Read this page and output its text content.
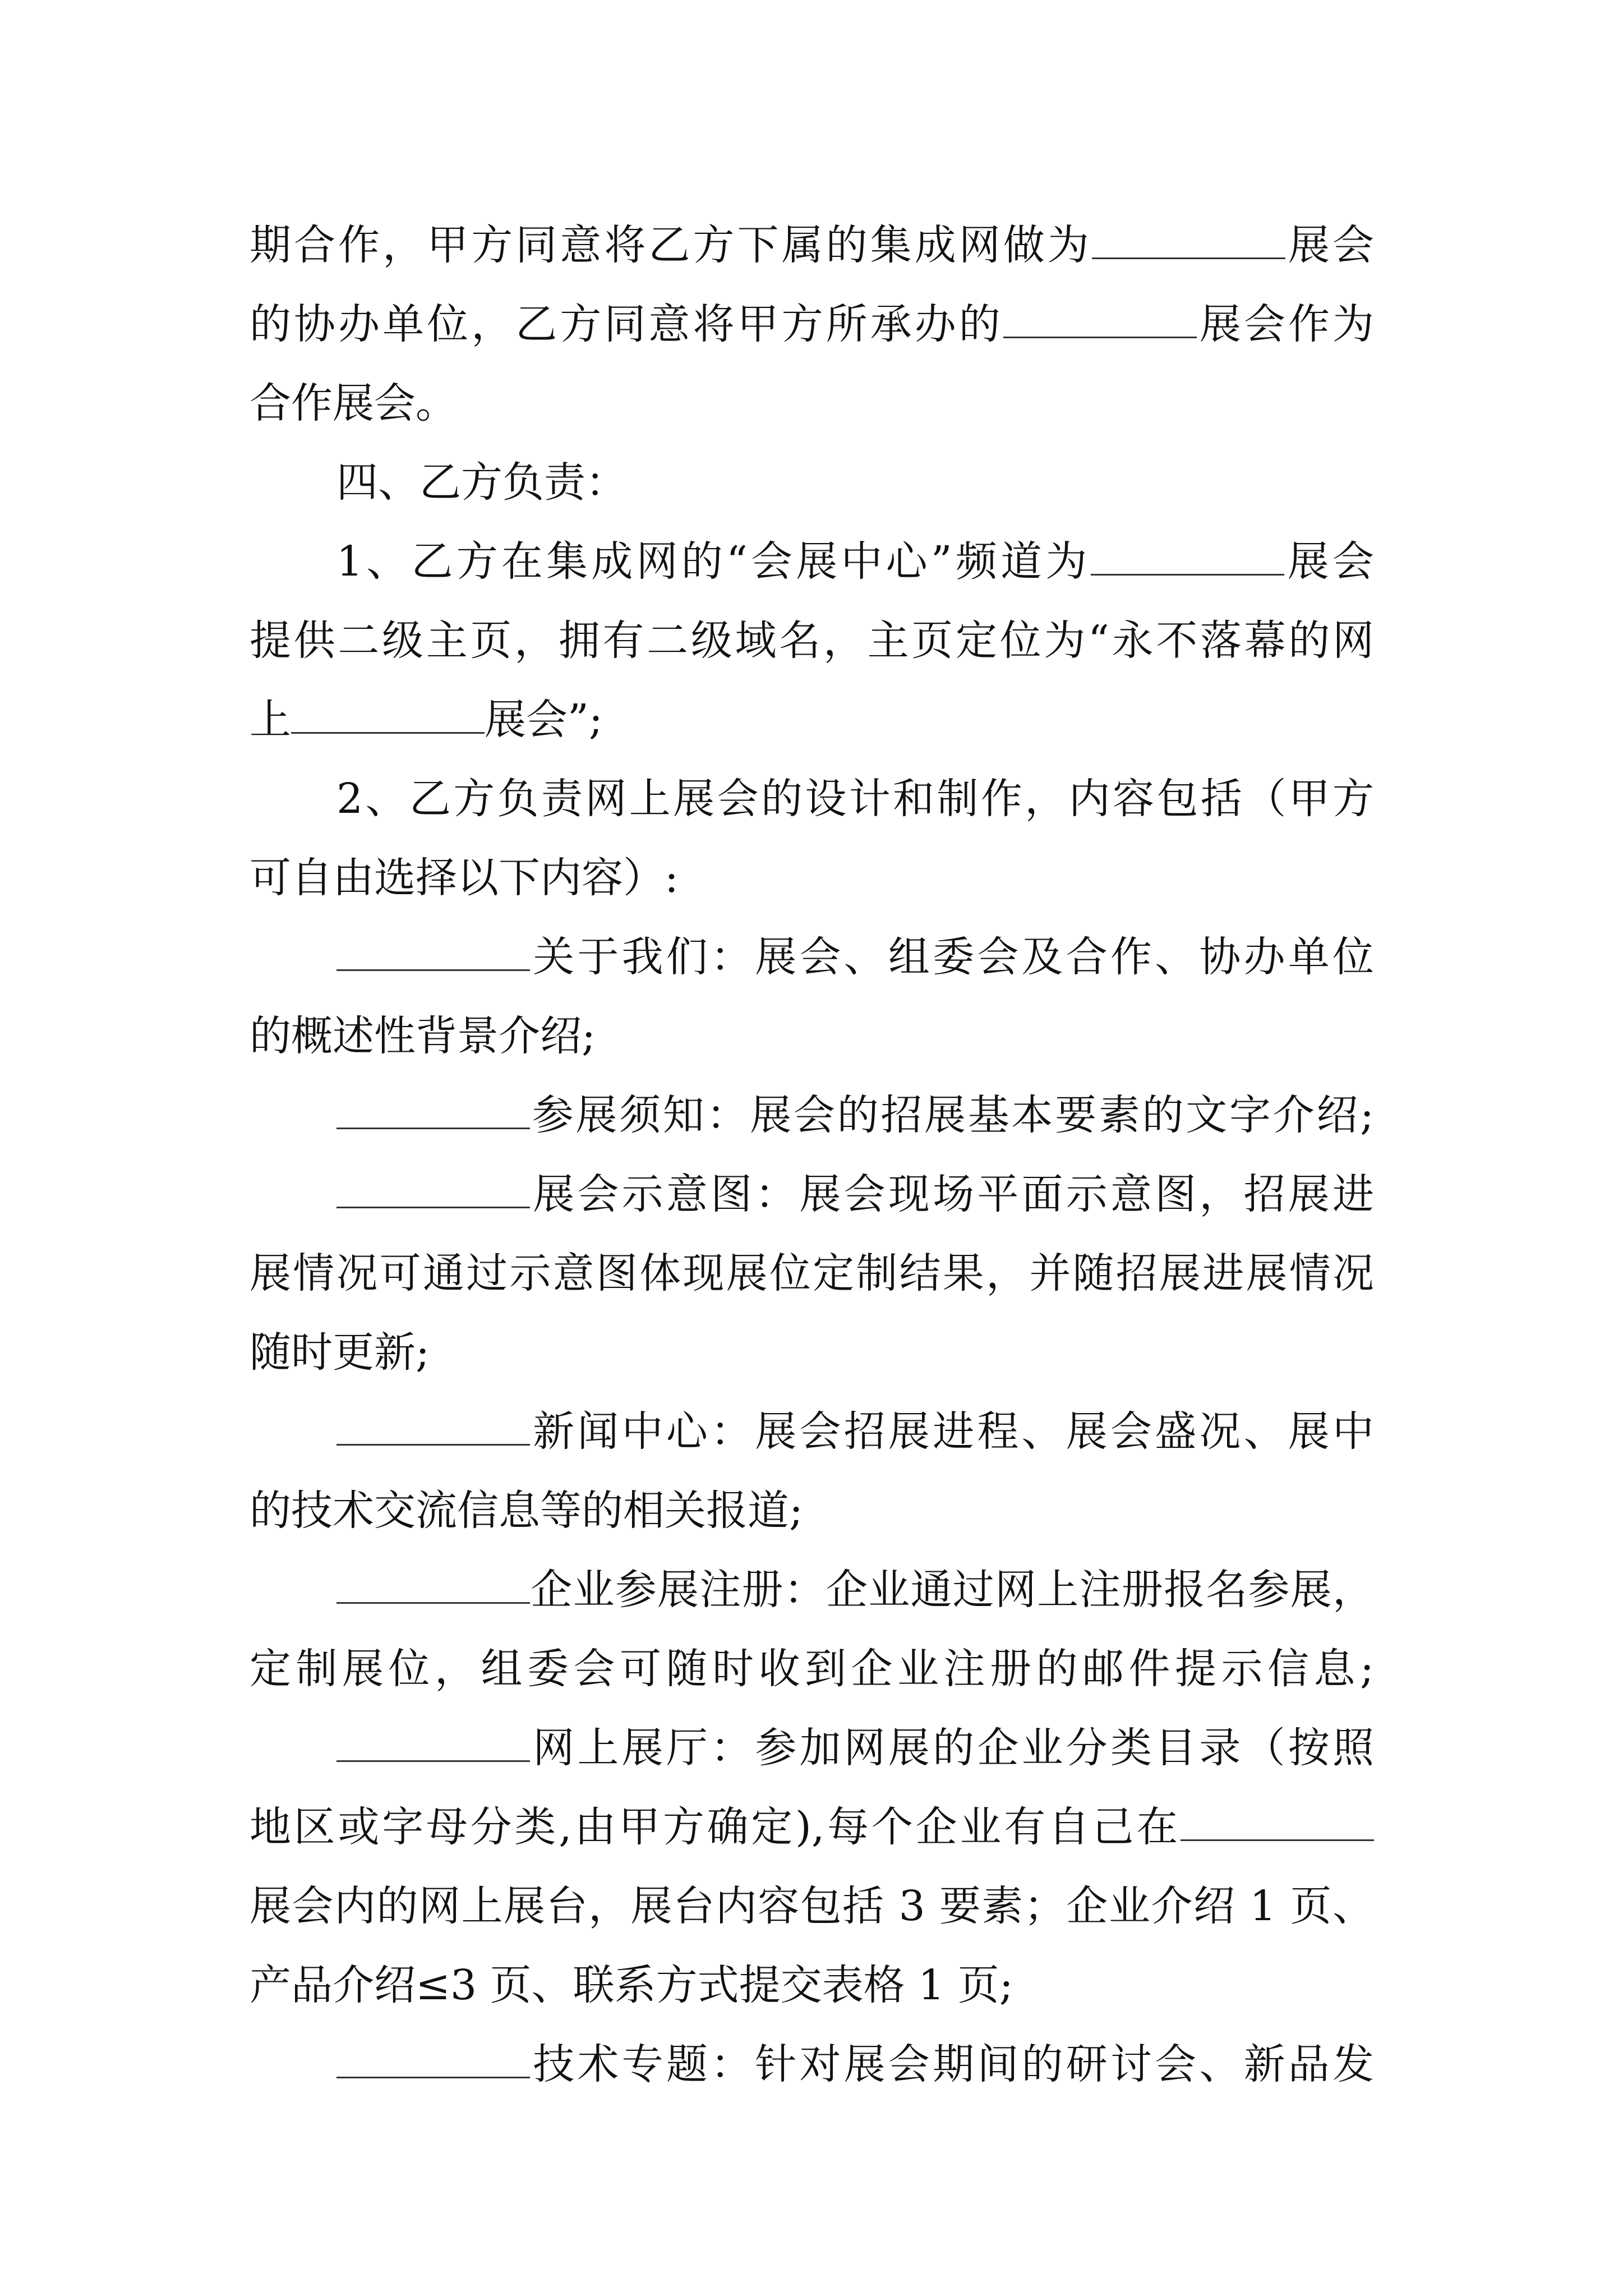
期合作，甲方同意将乙方下属的集成网做为	展会
的协办单位，乙方同意将甲方所承办的	展会作为
合作展会。
四、乙方负责：
1、乙方在集成网的“会展中心”频道为	展会
提供二级主页，拥有二级域名，主页定位为“永不落幕的网
上	展会”;
2、乙方负责网上展会的设计和制作，内容包括（甲方
可自由选择以下内容）:
关于我们：展会、组委会及合作、协办单位
的概述性背景介绍;
参展须知：展会的招展基本要素的文字介绍;
展会示意图：展会现场平面示意图，招展进
展情况可通过示意图体现展位定制结果，并随招展进展情况
随时更新;
新闻中心：展会招展进程、展会盛况、展中
的技术交流信息等的相关报道;
企业参展注册：企业通过网上注册报名参展，
定制展位，组委会可随时收到企业注册的邮件提示信息;
网上展厅：参加网展的企业分类目录（按照
地区或字母分类,由甲方确定),每个企业有自己在
展会内的网上展台，展台内容包括 3 要素；企业介绍 1 页、
产品介绍≤3 页、联系方式提交表格 1 页;
技术专题：针对展会期间的研讨会、新品发
